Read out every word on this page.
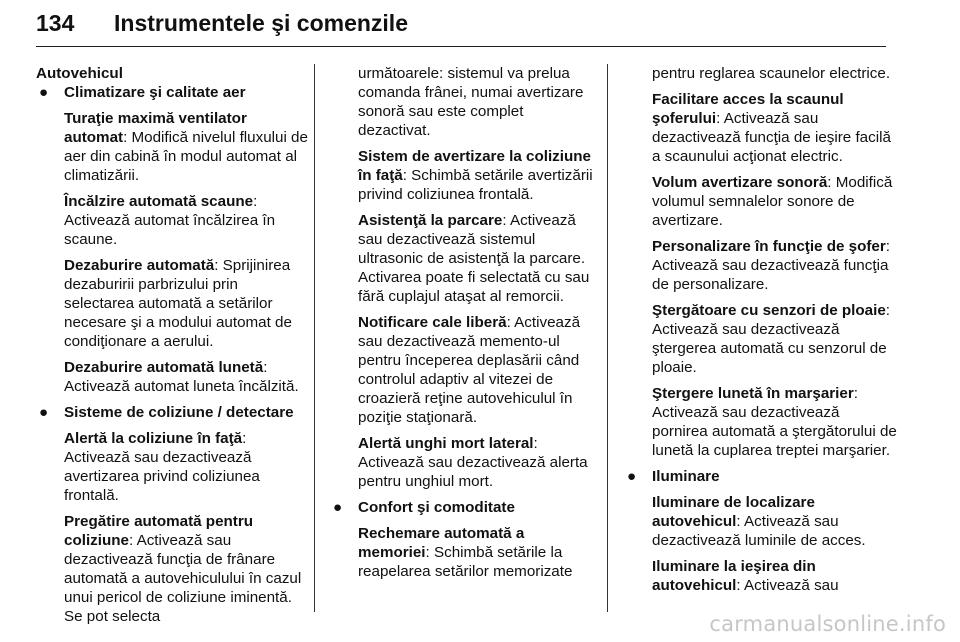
134 Instrumentele şi comenzile

Autovehicul

● Climatizare şi calitate aer

Turaţie maximă ventilator automat: Modifică nivelul fluxului de aer din cabină în modul automat al climatizării.

Încălzire automată scaune: Activează automat încălzirea în scaune.

Dezaburire automată: Sprijinirea dezaburirii parbrizului prin selectarea automată a setărilor necesare şi a modului automat de condiţionare a aerului.

Dezaburire automată lunetă: Activează automat luneta încălzită.

● Sisteme de coliziune / detectare

Alertă la coliziune în faţă: Activează sau dezactivează avertizarea privind coliziunea frontală.

Pregătire automată pentru coliziune: Activează sau dezactivează funcţia de frânare automată a autovehiculului în cazul unui pericol de coliziune iminentă. Se pot selecta

următoarele: sistemul va prelua comanda frânei, numai avertizare sonoră sau este complet dezactivat.

Sistem de avertizare la coliziune în faţă: Schimbă setările avertizării privind coliziunea frontală.

Asistenţă la parcare: Activează sau dezactivează sistemul ultrasonic de asistenţă la parcare. Activarea poate fi selectată cu sau fără cuplajul ataşat al remorcii.

Notificare cale liberă: Activează sau dezactivează memento-ul pentru începerea deplasării când controlul adaptiv al vitezei de croazieră reţine autovehiculul în poziţie staţionară.

Alertă unghi mort lateral: Activează sau dezactivează alerta pentru unghiul mort.

● Confort şi comoditate

Rechemare automată a memoriei: Schimbă setările la reapelarea setărilor memorizate

pentru reglarea scaunelor electrice.

Facilitare acces la scaunul şoferului: Activează sau dezactivează funcţia de ieşire facilă a scaunului acţionat electric.

Volum avertizare sonoră: Modifică volumul semnalelor sonore de avertizare.

Personalizare în funcţie de şofer: Activează sau dezactivează funcţia de personalizare.

Ştergătoare cu senzori de ploaie: Activează sau dezactivează ştergerea automată cu senzorul de ploaie.

Ştergere lunetă în marşarier: Activează sau dezactivează pornirea automată a ştergătorului de lunetă la cuplarea treptei marşarier.

● Iluminare

Iluminare de localizare autovehicul: Activează sau dezactivează luminile de acces.

Iluminare la ieşirea din autovehicul: Activează sau

carmanualsonline.info
